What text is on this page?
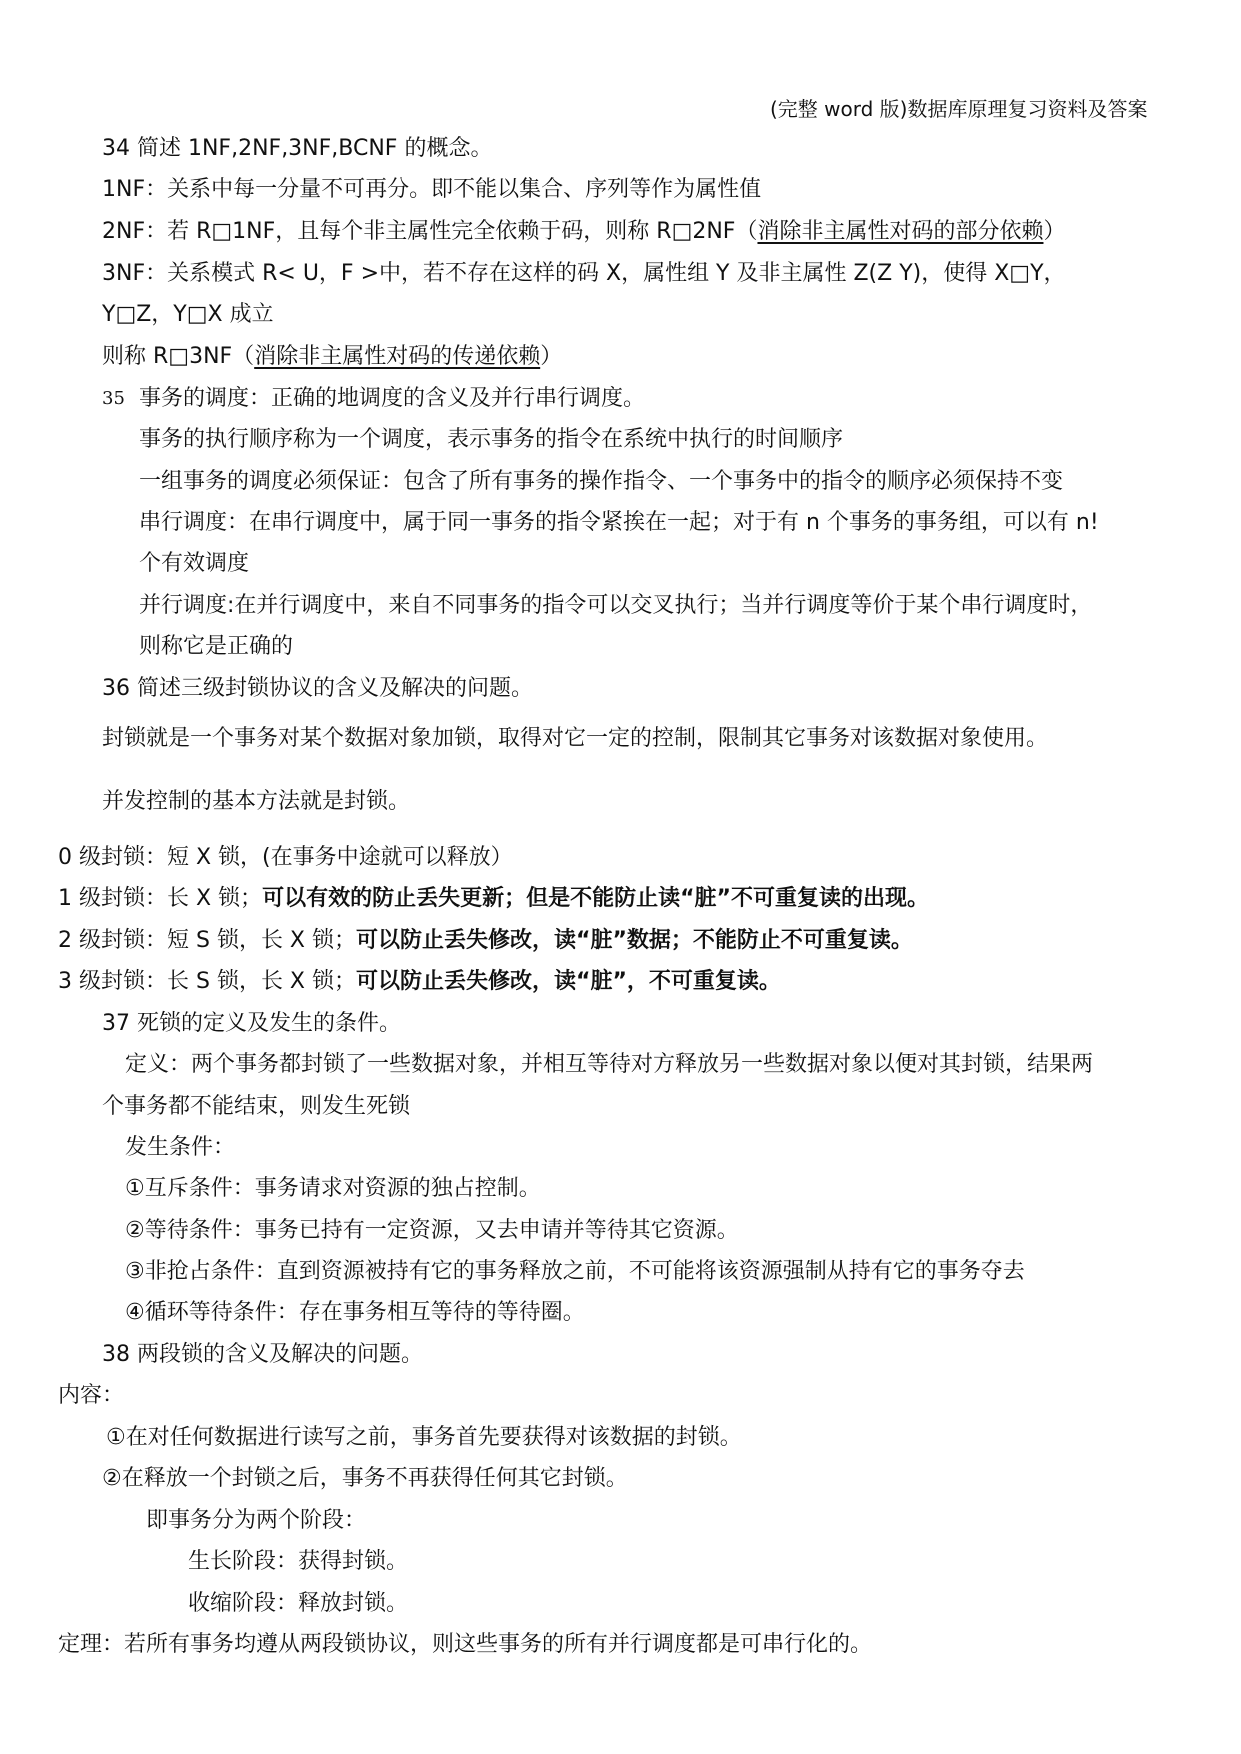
(完整 word 版)数据库原理复习资料及答案
34 简述 1NF,2NF,3NF,BCNF 的概念。
1NF：关系中每一分量不可再分。即不能以集合、序列等作为属性值
2NF：若 R□1NF，且每个非主属性完全依赖于码，则称 R□2NF（消除非主属性对码的部分依赖）
3NF：关系模式 R< U，F >中，若不存在这样的码 X，属性组 Y 及非主属性 Z(Z Y)，使得 X□Y，
Y□Z，Y□X 成立
则称 R□3NF（消除非主属性对码的传递依赖）
35 事务的调度：正确的地调度的含义及并行串行调度。
事务的执行顺序称为一个调度，表示事务的指令在系统中执行的时间顺序
一组事务的调度必须保证：包含了所有事务的操作指令、一个事务中的指令的顺序必须保持不变
串行调度：在串行调度中，属于同一事务的指令紧挨在一起；对于有 n 个事务的事务组，可以有 n!
个有效调度
并行调度:在并行调度中，来自不同事务的指令可以交叉执行；当并行调度等价于某个串行调度时，
则称它是正确的
36 简述三级封锁协议的含义及解决的问题。
封锁就是一个事务对某个数据对象加锁，取得对它一定的控制，限制其它事务对该数据对象使用。
并发控制的基本方法就是封锁。
0 级封锁：短 X 锁，(在事务中途就可以释放）
1 级封锁：长 X 锁；可以有效的防止丢失更新；但是不能防止读“脏”不可重复读的出现。
2 级封锁：短 S 锁，长 X 锁；可以防止丢失修改，读“脏”数据；不能防止不可重复读。
3 级封锁：长 S 锁，长 X 锁；可以防止丢失修改，读“脏”，不可重复读。
37 死锁的定义及发生的条件。
定义：两个事务都封锁了一些数据对象，并相互等待对方释放另一些数据对象以便对其封锁，结果两
个事务都不能结束，则发生死锁
发生条件：
①互斥条件：事务请求对资源的独占控制。
②等待条件：事务已持有一定资源，又去申请并等待其它资源。
③非抢占条件：直到资源被持有它的事务释放之前，不可能将该资源强制从持有它的事务夺去
④循环等待条件：存在事务相互等待的等待圈。
38 两段锁的含义及解决的问题。
内容：
①在对任何数据进行读写之前，事务首先要获得对该数据的封锁。
②在释放一个封锁之后，事务不再获得任何其它封锁。
即事务分为两个阶段：
生长阶段：获得封锁。
收缩阶段：释放封锁。
定理：若所有事务均遵从两段锁协议，则这些事务的所有并行调度都是可串行化的。
